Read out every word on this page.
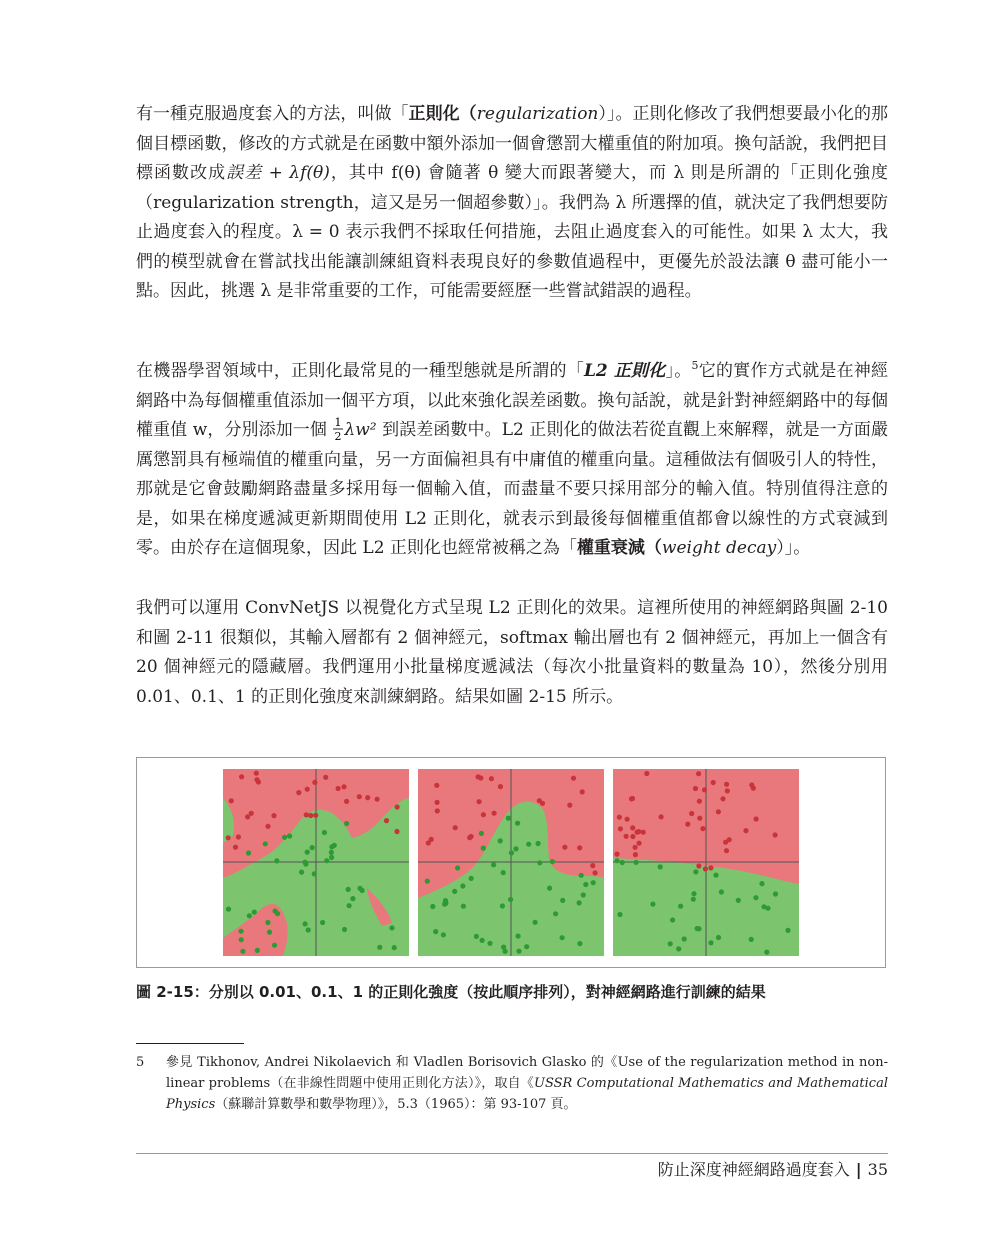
有一種克服過度套入的方法，叫做「正則化（regularization）」。正則化修改了我們想要最小化的那個目標函數，修改的方式就是在函數中額外添加一個會懲罰大權重值的附加項。換句話說，我們把目標函數改成誤差 + λf(θ)，其中 f(θ) 會隨著 θ 變大而跟著變大，而 λ 則是所謂的「正則化強度（regularization strength，這又是另一個超參數）」。我們為 λ 所選擇的值，就決定了我們想要防止過度套入的程度。λ = 0 表示我們不採取任何措施，去阻止過度套入的可能性。如果 λ 太大，我們的模型就會在嘗試找出能讓訓練組資料表現良好的參數值過程中，更優先於設法讓 θ 盡可能小一點。因此，挑選 λ 是非常重要的工作，可能需要經歷一些嘗試錯誤的過程。

在機器學習領域中，正則化最常見的一種型態就是所謂的「L2 正則化」。$^5$它的實作方式就是在神經網路中為每個權重值添加一個平方項，以此來強化誤差函數。換句話說，就是針對神經網路中的每個權重值 w，分別添加一個 1
2 λw² 到誤差函數中。L2 正則化的做法若從直觀上來解釋，就是一方面嚴厲懲罰具有極端值的權重向量，另一方面偏袒具有中庸值的權重向量。這種做法有個吸引人的特性，那就是它會鼓勵網路盡量多採用每一個輸入值，而盡量不要只採用部分的輸入值。特別值得注意的是，如果在梯度遞減更新期間使用 L2 正則化，就表示到最後每個權重值都會以線性的方式衰減到零。由於存在這個現象，因此 L2 正則化也經常被稱之為「權重衰減（weight decay）」。

我們可以運用 ConvNetJS 以視覺化方式呈現 L2 正則化的效果。這裡所使用的神經網路與圖 2-10 和圖 2-11 很類似，其輸入層都有 2 個神經元，softmax 輸出層也有 2 個神經元，再加上一個含有 20 個神經元的隱藏層。我們運用小批量梯度遞減法（每次小批量資料的數量為 10），然後分別用 0.01、0.1、1 的正則化強度來訓練網路。結果如圖 2-15 所示。

圖 2-15：分別以 0.01、0.1、1 的正則化強度（按此順序排列），對神經網路進行訓練的結果

5 參見 Tikhonov, Andrei Nikolaevich 和 Vladlen Borisovich Glasko 的《Use of the regularization method in non-linear problems（在非線性問題中使用正則化方法）》，取自《USSR Computational Mathematics and Mathematical Physics（蘇聯計算數學和數學物理）》，5.3（1965）：第 93-107 頁。

防止深度神經網路過度套入 | 35
